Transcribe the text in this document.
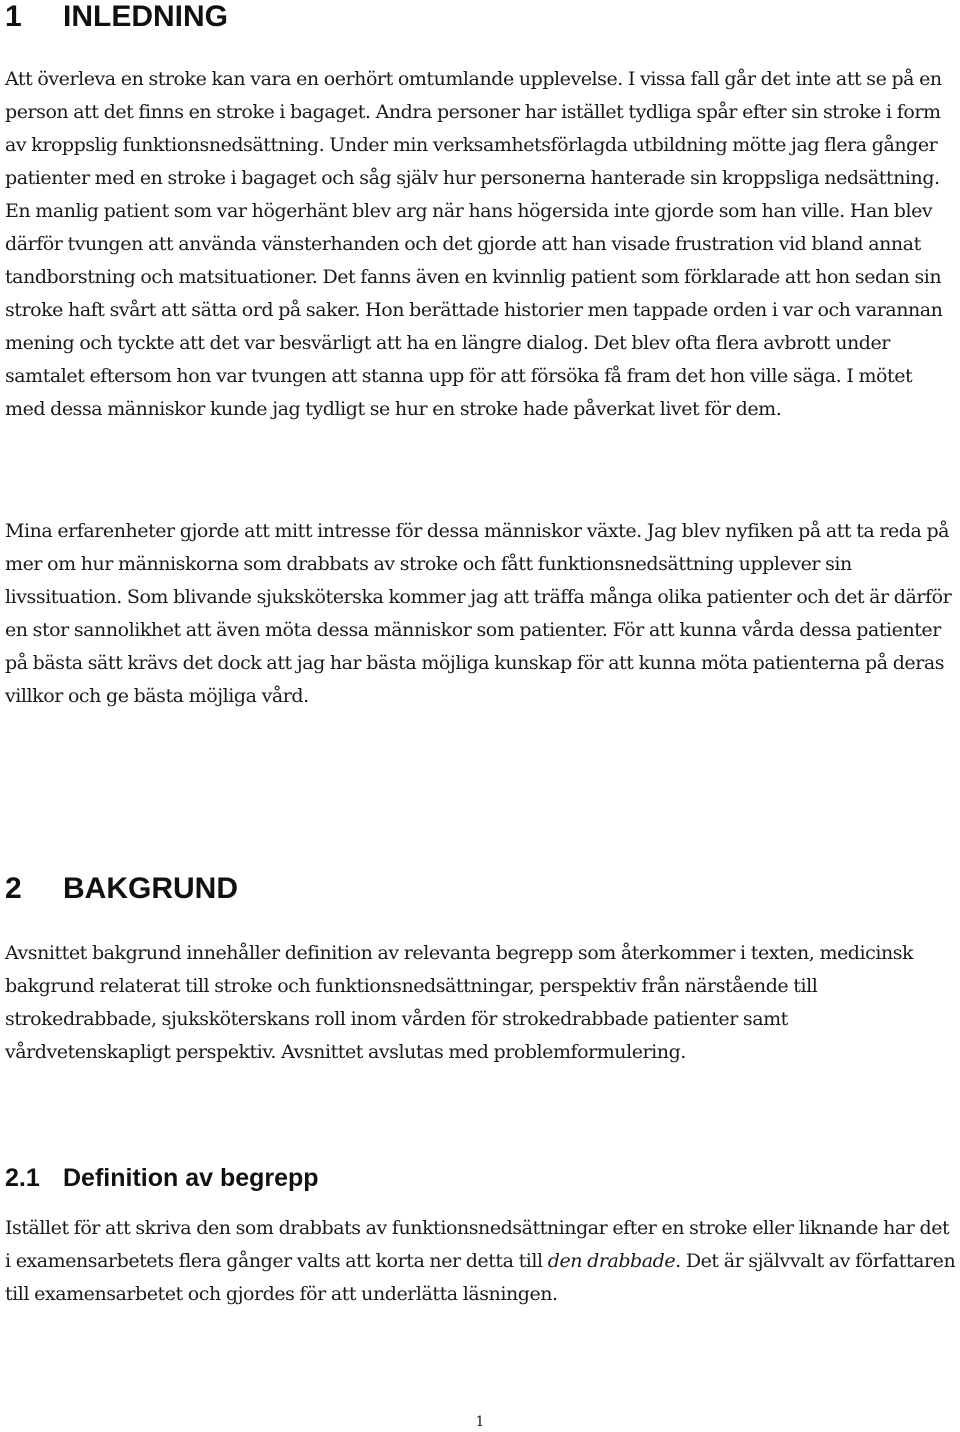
1 INLEDNING

Att överleva en stroke kan vara en oerhört omtumlande upplevelse. I vissa fall går det inte att se på en person att det finns en stroke i bagaget. Andra personer har istället tydliga spår efter sin stroke i form av kroppslig funktionsnedsättning. Under min verksamhetsförlagda utbildning mötte jag flera gånger patienter med en stroke i bagaget och såg själv hur personerna hanterade sin kroppsliga nedsättning. En manlig patient som var högerhänt blev arg när hans högersida inte gjorde som han ville. Han blev därför tvungen att använda vänsterhanden och det gjorde att han visade frustration vid bland annat tandborstning och matsituationer. Det fanns även en kvinnlig patient som förklarade att hon sedan sin stroke haft svårt att sätta ord på saker. Hon berättade historier men tappade orden i var och varannan mening och tyckte att det var besvärligt att ha en längre dialog. Det blev ofta flera avbrott under samtalet eftersom hon var tvungen att stanna upp för att försöka få fram det hon ville säga. I mötet med dessa människor kunde jag tydligt se hur en stroke hade påverkat livet för dem.

Mina erfarenheter gjorde att mitt intresse för dessa människor växte. Jag blev nyfiken på att ta reda på mer om hur människorna som drabbats av stroke och fått funktionsnedsättning upplever sin livssituation. Som blivande sjuksköterska kommer jag att träffa många olika patienter och det är därför en stor sannolikhet att även möta dessa människor som patienter. För att kunna vårda dessa patienter på bästa sätt krävs det dock att jag har bästa möjliga kunskap för att kunna möta patienterna på deras villkor och ge bästa möjliga vård.

2 BAKGRUND

Avsnittet bakgrund innehåller definition av relevanta begrepp som återkommer i texten, medicinsk bakgrund relaterat till stroke och funktionsnedsättningar, perspektiv från närstående till strokedrabbade, sjuksköterskans roll inom vården för strokedrabbade patienter samt vårdvetenskapligt perspektiv. Avsnittet avslutas med problemformulering.

2.1 Definition av begrepp

Istället för att skriva den som drabbats av funktionsnedsättningar efter en stroke eller liknande har det i examensarbetets flera gånger valts att korta ner detta till den drabbade. Det är självvalt av författaren till examensarbetet och gjordes för att underlätta läsningen.

1
